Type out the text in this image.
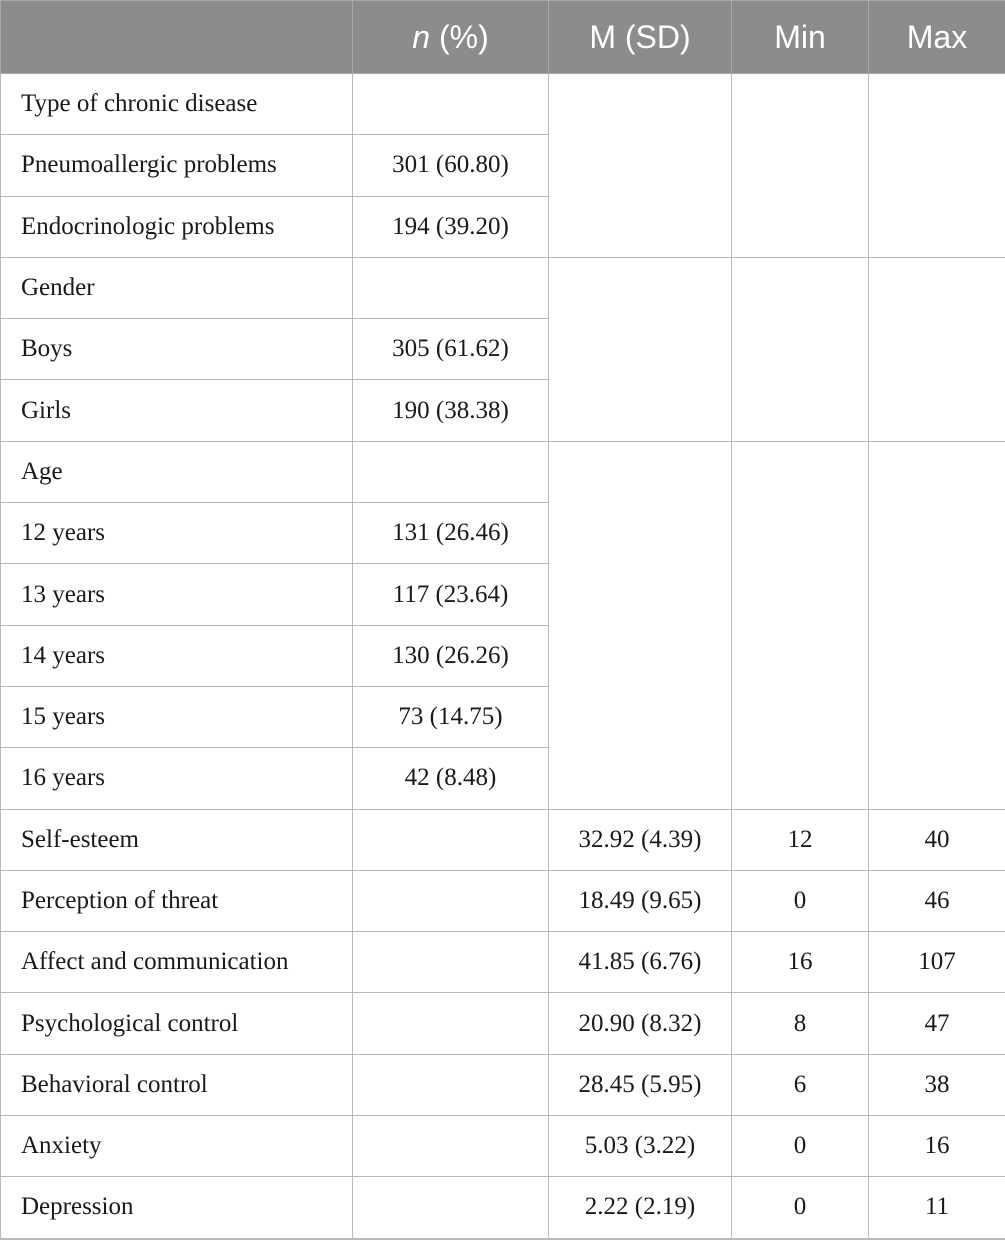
	n (%)	M (SD)	Min	Max
Type of chronic disease				
Pneumoallergic problems	301 (60.80)			
Endocrinologic problems	194 (39.20)			
Gender				
Boys	305 (61.62)			
Girls	190 (38.38)			
Age				
12 years	131 (26.46)			
13 years	117 (23.64)			
14 years	130 (26.26)			
15 years	73 (14.75)			
16 years	42 (8.48)			
Self-esteem		32.92 (4.39)	12	40
Perception of threat		18.49 (9.65)	0	46
Affect and communication		41.85 (6.76)	16	107
Psychological control		20.90 (8.32)	8	47
Behavioral control		28.45 (5.95)	6	38
Anxiety		5.03 (3.22)	0	16
Depression		2.22 (2.19)	0	11
